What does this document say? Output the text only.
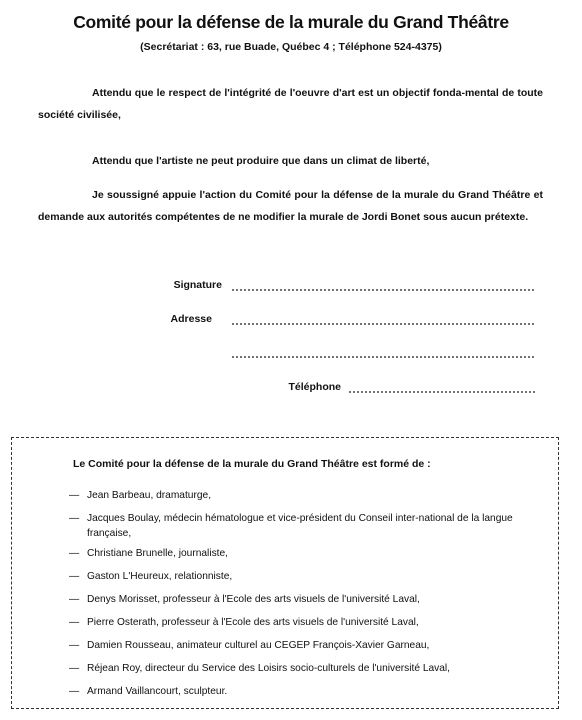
Comité pour la défense de la murale du Grand Théâtre
(Secrétariat : 63, rue Buade, Québec 4 ; Téléphone 524-4375)
Attendu que le respect de l'intégrité de l'oeuvre d'art est un objectif fonda-mental de toute société civilisée,
Attendu que l'artiste ne peut produire que dans un climat de liberté,
Je soussigné appuie l'action du Comité pour la défense de la murale du Grand Théâtre et demande aux autorités compétentes de ne modifier la murale de Jordi Bonet sous aucun prétexte.
Signature
Adresse
Téléphone
Le Comité pour la défense de la murale du Grand Théâtre est formé de :
— Jean Barbeau, dramaturge,
— Jacques Boulay, médecin hématologue et vice-président du Conseil inter-national de la langue française,
— Christiane Brunelle, journaliste,
— Gaston L'Heureux, relationniste,
— Denys Morisset, professeur à l'Ecole des arts visuels de l'université Laval,
— Pierre Osterath, professeur à l'Ecole des arts visuels de l'université Laval,
— Damien Rousseau, animateur culturel au CEGEP François-Xavier Garneau,
— Réjean Roy, directeur du Service des Loisirs socio-culturels de l'université Laval,
— Armand Vaillancourt, sculpteur.
